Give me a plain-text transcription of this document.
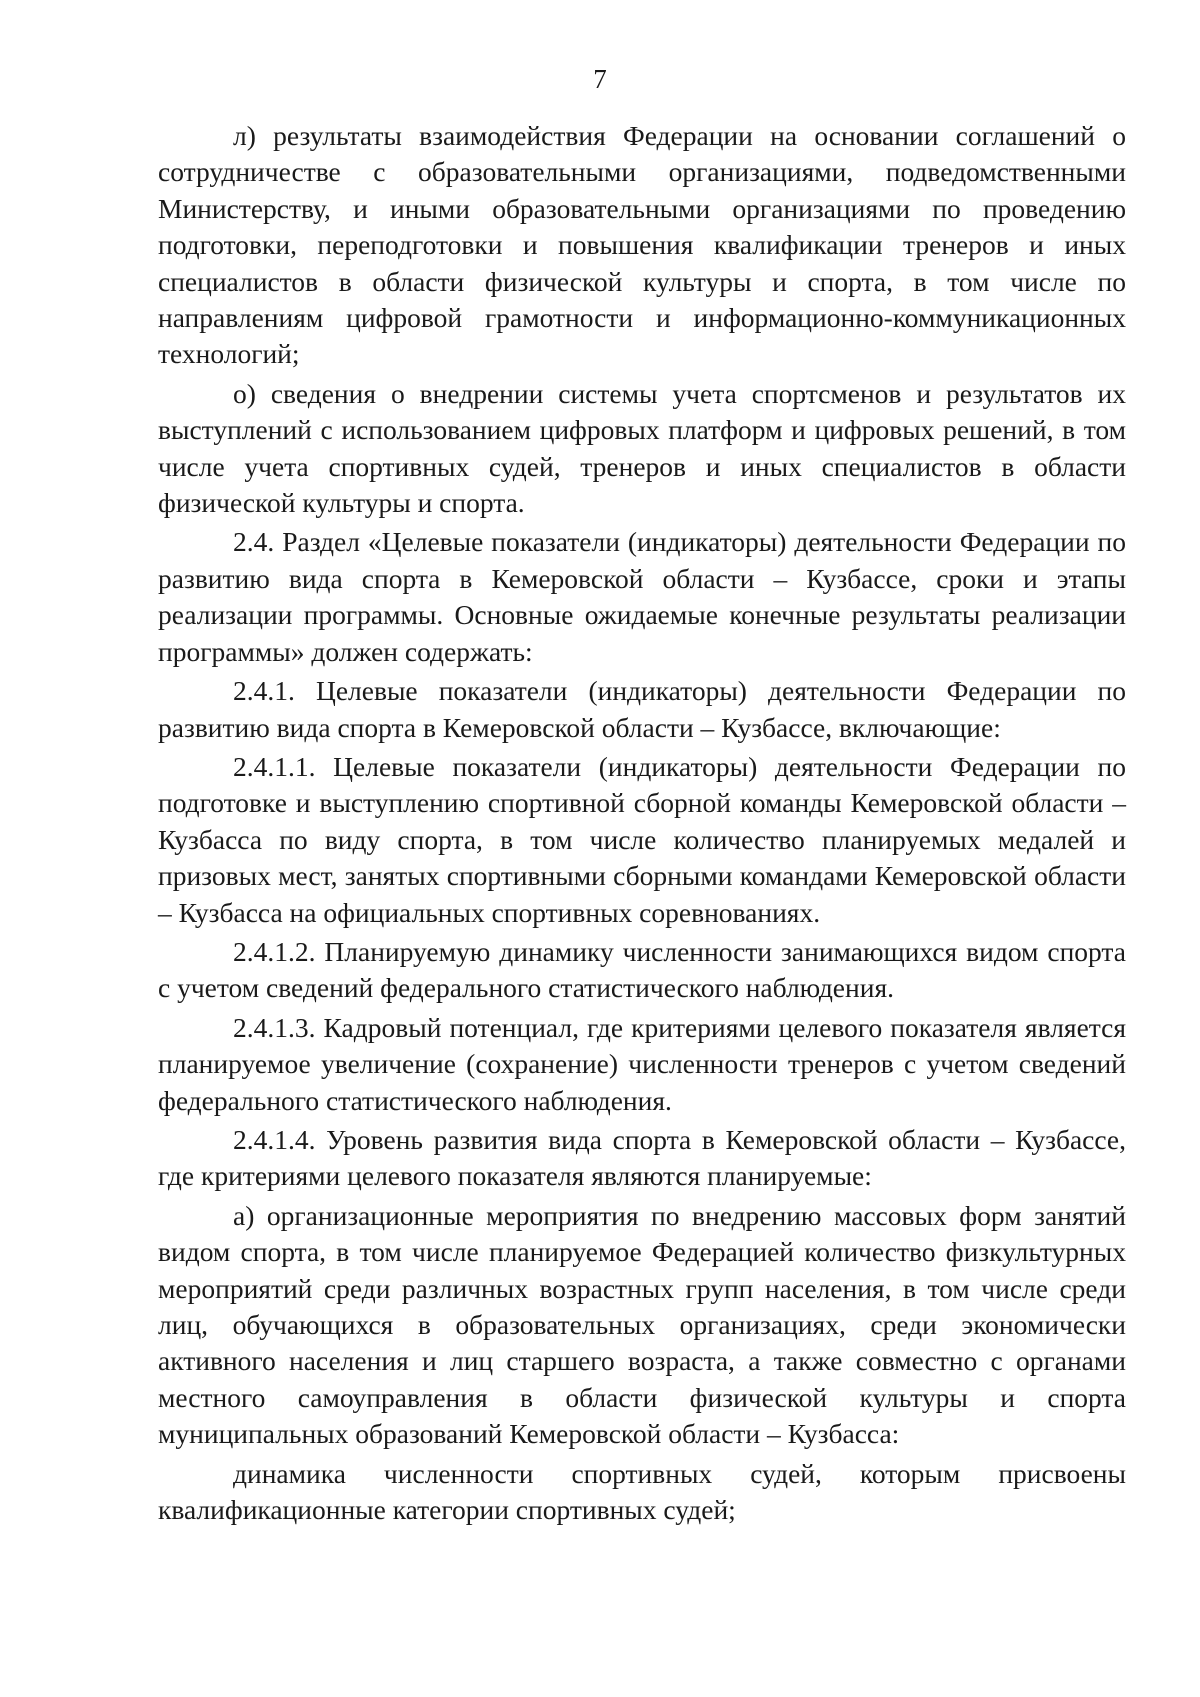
7

л) результаты взаимодействия Федерации на основании соглашений о сотрудничестве с образовательными организациями, подведомственными Министерству, и иными образовательными организациями по проведению подготовки, переподготовки и повышения квалификации тренеров и иных специалистов в области физической культуры и спорта, в том числе по направлениям цифровой грамотности и информационно-коммуникационных технологий;

о) сведения о внедрении системы учета спортсменов и результатов их выступлений с использованием цифровых платформ и цифровых решений, в том числе учета спортивных судей, тренеров и иных специалистов в области физической культуры и спорта.

2.4. Раздел «Целевые показатели (индикаторы) деятельности Федерации по развитию вида спорта в Кемеровской области – Кузбассе, сроки и этапы реализации программы. Основные ожидаемые конечные результаты реализации программы» должен содержать:

2.4.1. Целевые показатели (индикаторы) деятельности Федерации по развитию вида спорта в Кемеровской области – Кузбассе, включающие:

2.4.1.1. Целевые показатели (индикаторы) деятельности Федерации по подготовке и выступлению спортивной сборной команды Кемеровской области – Кузбасса по виду спорта, в том числе количество планируемых медалей и призовых мест, занятых спортивными сборными командами Кемеровской области – Кузбасса на официальных спортивных соревнованиях.

2.4.1.2. Планируемую динамику численности занимающихся видом спорта с учетом сведений федерального статистического наблюдения.

2.4.1.3. Кадровый потенциал, где критериями целевого показателя является планируемое увеличение (сохранение) численности тренеров с учетом сведений федерального статистического наблюдения.

2.4.1.4. Уровень развития вида спорта в Кемеровской области – Кузбассе, где критериями целевого показателя являются планируемые:

а) организационные мероприятия по внедрению массовых форм занятий видом спорта, в том числе планируемое Федерацией количество физкультурных мероприятий среди различных возрастных групп населения, в том числе среди лиц, обучающихся в образовательных организациях, среди экономически активного населения и лиц старшего возраста, а также совместно с органами местного самоуправления в области физической культуры и спорта муниципальных образований Кемеровской области – Кузбасса:

динамика численности спортивных судей, которым присвоены квалификационные категории спортивных судей;
